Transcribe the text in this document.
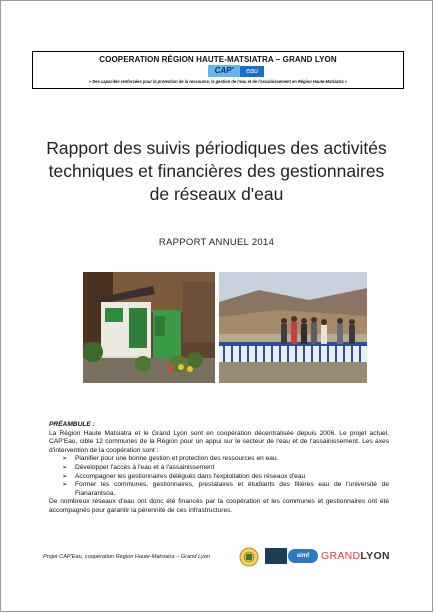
COOPERATION RÉGION HAUTE-MATSIATRA – GRAND LYON
CAP'	eau
« Des capacités renforcées pour la protection de la ressource, la gestion de l'eau et de l'assainissement en Région Haute-Matsiatra »
Rapport des suivis périodiques des activités techniques et financières des gestionnaires de réseaux d'eau
RAPPORT ANNUEL 2014
PRÉAMBULE :
La Région Haute Matsiatra et le Grand Lyon sont en coopération décentralisée depuis 2006. Le projet actuel, CAP'Eau, cible 12 communes de la Région pour un appui sur le secteur de l'eau et de l'assainissement. Les axes d'intervention de la coopération sont :
➢ Planifier pour une bonne gestion et protection des ressources en eau.
➢ Développer l'accès à l'eau et à l'assainissement
➢ Accompagner les gestionnaires délégués dans l'exploitation des réseaux d'eau
➢ Former les communes, gestionnaires, prestataires et étudiants des filières eau de l'université de Fianarantsoa.
De nombreux réseaux d'eau ont donc été financés par la coopération et les communes et gestionnaires ont été accompagnés pour garantir la pérennité de ces infrastructures.
Projet CAP'Eau, coopération Région Haute-Matsiatra – Grand Lyon	aimf	GRANDLYON
